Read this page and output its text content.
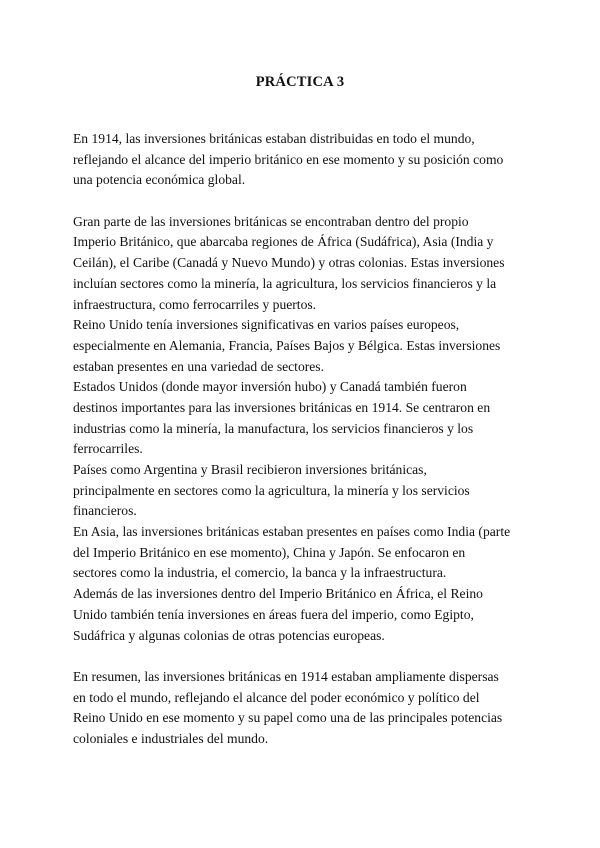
PRÁCTICA 3
En 1914, las inversiones británicas estaban distribuidas en todo el mundo,
reflejando el alcance del imperio británico en ese momento y su posición como
una potencia económica global.
Gran parte de las inversiones británicas se encontraban dentro del propio
Imperio Británico, que abarcaba regiones de África (Sudáfrica), Asia (India y
Ceilán), el Caribe (Canadá y Nuevo Mundo) y otras colonias. Estas inversiones
incluían sectores como la minería, la agricultura, los servicios financieros y la
infraestructura, como ferrocarriles y puertos.
Reino Unido tenía inversiones significativas en varios países europeos,
especialmente en Alemania, Francia, Países Bajos y Bélgica. Estas inversiones
estaban presentes en una variedad de sectores.
Estados Unidos (donde mayor inversión hubo) y Canadá también fueron
destinos importantes para las inversiones británicas en 1914. Se centraron en
industrias como la minería, la manufactura, los servicios financieros y los
ferrocarriles.
Países como Argentina y Brasil recibieron inversiones británicas,
principalmente en sectores como la agricultura, la minería y los servicios
financieros.
En Asia, las inversiones británicas estaban presentes en países como India (parte
del Imperio Británico en ese momento), China y Japón. Se enfocaron en
sectores como la industria, el comercio, la banca y la infraestructura.
Además de las inversiones dentro del Imperio Británico en África, el Reino
Unido también tenía inversiones en áreas fuera del imperio, como Egipto,
Sudáfrica y algunas colonias de otras potencias europeas.
En resumen, las inversiones británicas en 1914 estaban ampliamente dispersas
en todo el mundo, reflejando el alcance del poder económico y político del
Reino Unido en ese momento y su papel como una de las principales potencias
coloniales e industriales del mundo.
